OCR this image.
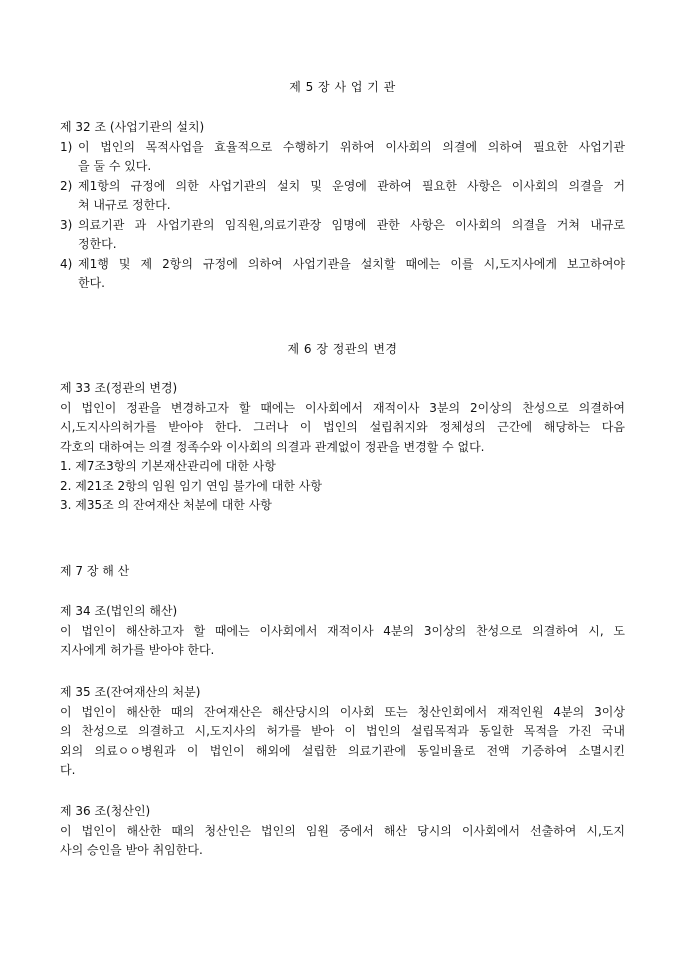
제 5 장 사 업 기 관
제 32 조 (사업기관의 설치)
1) 이 법인의 목적사업을 효율적으로 수행하기 위하여 이사회의 의결에 의하여 필요한 사업기관
을 둘 수 있다.
2) 제1항의 규정에 의한 사업기관의 설치 및 운영에 관하여 필요한 사항은 이사회의 의결을 거
쳐 내규로 정한다.
3) 의료기관 과 사업기관의 임직원,의료기관장 임명에 관한 사항은 이사회의 의결을 거쳐 내규로
정한다.
4) 제1행 및 제 2항의 규정에 의하여 사업기관을 설치할 때에는 이를 시,도지사에게 보고하여야
한다.
제 6 장 정관의 변경
제 33 조(정관의 변경)
이 법인이 정관을 변경하고자 할 때에는 이사회에서 재적이사 3분의 2이상의 찬성으로 의결하여
시,도지사의허가를 받아야 한다. 그러나 이 법인의 설립취지와 정체성의 근간에 해당하는 다음
각호의 대하여는 의결 정족수와 이사회의 의결과 관계없이 정관을 변경할 수 없다.
1. 제7조3항의 기본재산관리에 대한 사항
2. 제21조 2항의 임원 임기 연임 불가에 대한 사항
3. 제35조 의 잔여재산 처분에 대한 사항
제 7 장 해 산
제 34 조(법인의 해산)
이 법인이 해산하고자 할 때에는 이사회에서 재적이사 4분의 3이상의 찬성으로 의결하여 시, 도
지사에게 허가를 받아야 한다.
제 35 조(잔여재산의 처분)
이 법인이 해산한 때의 잔여재산은 해산당시의 이사회 또는 청산인회에서 재적인원 4분의 3이상
의 찬성으로 의결하고 시,도지사의 허가를 받아 이 법인의 설립목적과 동일한 목적을 가진 국내
외의 의료ㅇㅇ병원과 이 법인이 해외에 설립한 의료기관에 동일비율로 전액 기증하여 소멸시킨
다.
제 36 조(청산인)
이 법인이 해산한 때의 청산인은 법인의 임원 중에서 해산 당시의 이사회에서 선출하여 시,도지
사의 승인을 받아 취임한다.
